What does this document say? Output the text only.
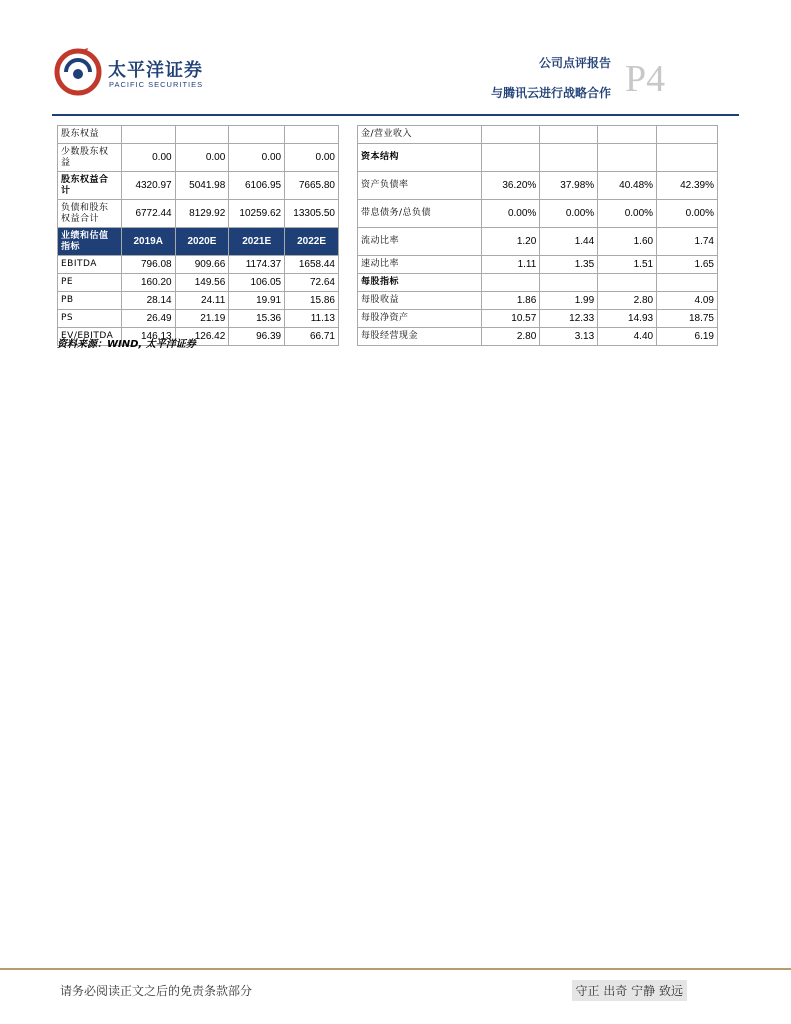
太平洋证券
PACIFIC SECURITIES
公司点评报告
与腾讯云进行战略合作 P4
股东权益				
少数股东权益	0.00	0.00	0.00	0.00
股东权益合计	4320.97	5041.98	6106.95	7665.80
负债和股东权益合计	6772.44	8129.92	10259.62	13305.50
业绩和估值指标	2019A	2020E	2021E	2022E
EBITDA	796.08	909.66	1174.37	1658.44
PE	160.20	149.56	106.05	72.64
PB	28.14	24.11	19.91	15.86
PS	26.49	21.19	15.36	11.13
EV/EBITDA	146.13	126.42	96.39	66.71
金/营业收入				
资本结构				
资产负债率	36.20%	37.98%	40.48%	42.39%
带息债务/总负债	0.00%	0.00%	0.00%	0.00%
流动比率	1.20	1.44	1.60	1.74
速动比率	1.11	1.35	1.51	1.65
每股指标				
每股收益	1.86	1.99	2.80	4.09
每股净资产	10.57	12.33	14.93	18.75
每股经营现金	2.80	3.13	4.40	6.19
资料来源：WIND, 太平洋证券
请务必阅读正文之后的免责条款部分	守正 出奇 宁静 致远
